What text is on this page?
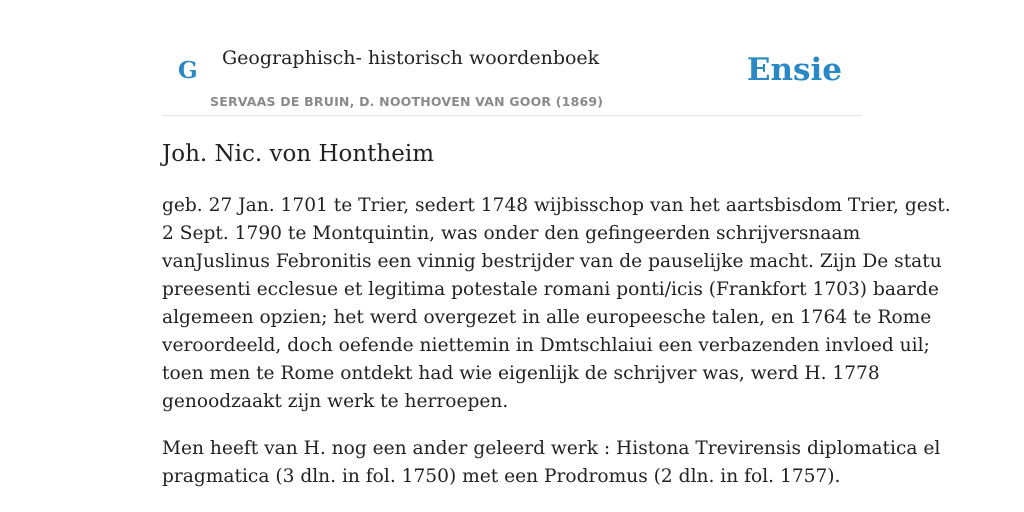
G Geographisch- historisch woordenboek
SERVAAS DE BRUIN, D. NOOTHOVEN VAN GOOR (1869)
Ensie
Joh. Nic. von Hontheim

geb. 27 Jan. 1701 te Trier, sedert 1748 wijbisschop van het aartsbisdom Trier, gest.
2 Sept. 1790 te Montquintin, was onder den gefingeerden schrijversnaam
vanJuslinus Febronitis een vinnig bestrijder van de pauselijke macht. Zijn De statu
preesenti ecclesue et legitima potestale romani ponti/icis (Frankfort 1703) baarde
algemeen opzien; het werd overgezet in alle europeesche talen, en 1764 te Rome
veroordeeld, doch oefende niettemin in Dmtschlaiui een verbazenden invloed uil;
toen men te Rome ontdekt had wie eigenlijk de schrijver was, werd H. 1778
genoodzaakt zijn werk te herroepen.

Men heeft van H. nog een ander geleerd werk : Histona Trevirensis diplomatica el
pragmatica (3 dln. in fol. 1750) met een Prodromus (2 dln. in fol. 1757).
